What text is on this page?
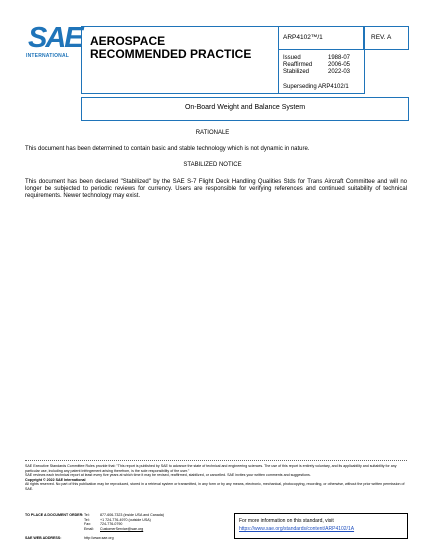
SAE
INTERNATIONAL
AEROSPACE
RECOMMENDED PRACTICE
ARP4102™/1
Issued	1988-07
Reaffirmed	2006-05
Stabilized	2022-03
Superseding ARP4102/1
REV. A
On-Board Weight and Balance System
RATIONALE
This document has been determined to contain basic and stable technology which is not dynamic in nature.
STABILIZED NOTICE
This document has been declared "Stabilized" by the SAE S-7 Flight Deck Handling Qualities Stds for Trans Aircraft Committee and will no longer be subjected to periodic reviews for currency. Users are responsible for verifying references and continued suitability of technical requirements. Newer technology may exist.

SAE Executive Standards Committee Rules provide that: "This report is published by SAE to advance the state of technical and engineering sciences. The use of this report is entirely voluntary, and its applicability and suitability for any particular use, including any patent infringement arising therefrom, is the sole responsibility of the user."

SAE reviews each technical report at least every five years at which time it may be revised, reaffirmed, stabilized, or cancelled. SAE invites your written comments and suggestions.

Copyright © 2022 SAE International

All rights reserved. No part of this publication may be reproduced, stored in a retrieval system or transmitted, in any form or by any means, electronic, mechanical, photocopying, recording, or otherwise, without the prior written permission of SAE.

TO PLACE A DOCUMENT ORDER: Tel:	877-606-7323 (inside USA and Canada)
Tel:	+1 724-776-4970 (outside USA)
Fax:	724-776-0790
Email:	CustomerService@sae.org
SAE WEB ADDRESS:	http://www.sae.org
For more information on this standard, visit
https://www.sae.org/standards/content/ARP4102/1A
